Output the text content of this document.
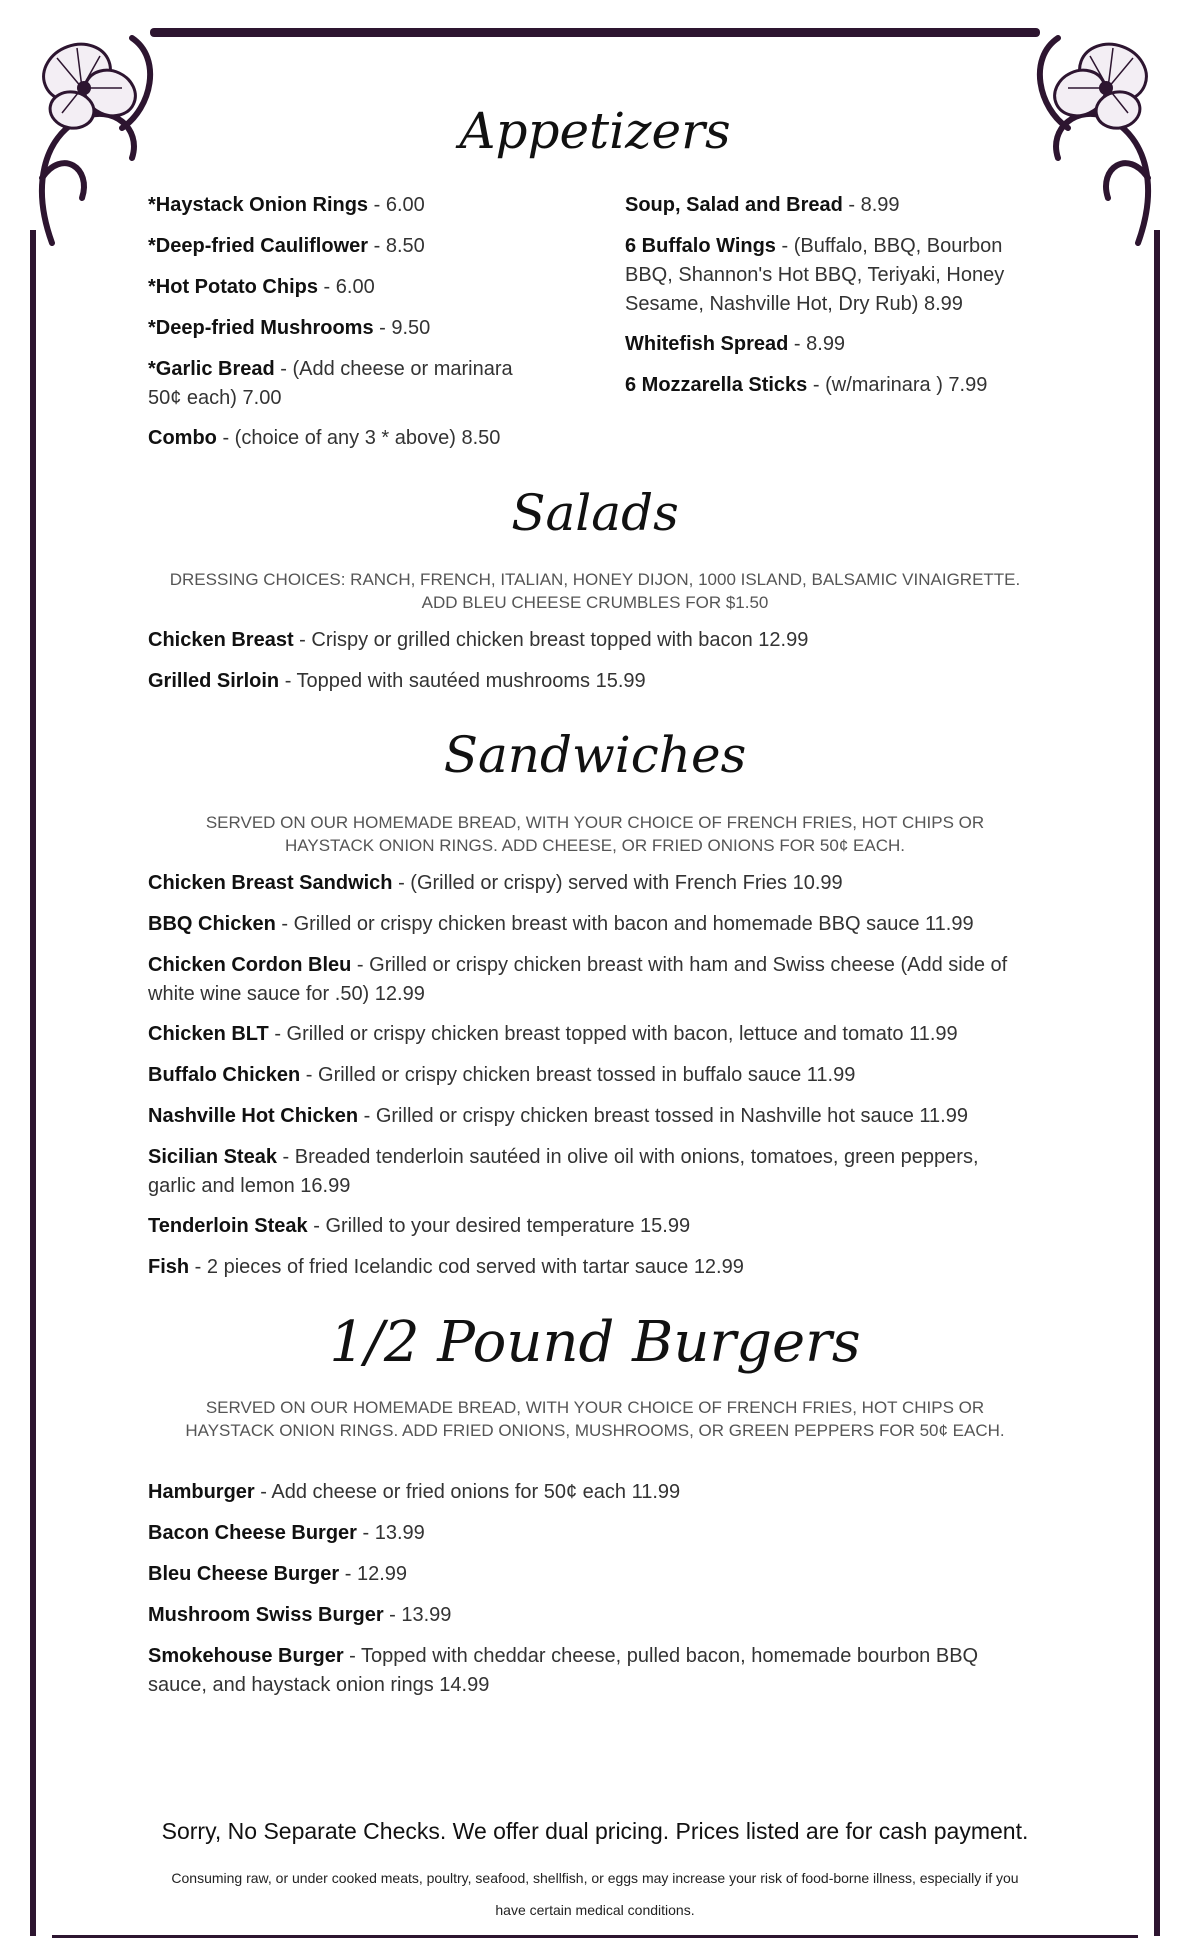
Appetizers

*Haystack Onion Rings - 6.00

*Deep-fried Cauliflower - 8.50

*Hot Potato Chips - 6.00

*Deep-fried Mushrooms - 9.50

*Garlic Bread - (Add cheese or marinara 50¢ each) 7.00

Combo - (choice of any 3 * above) 8.50

Soup, Salad and Bread - 8.99

6 Buffalo Wings - (Buffalo, BBQ, Bourbon BBQ, Shannon's Hot BBQ, Teriyaki, Honey Sesame, Nashville Hot, Dry Rub) 8.99

Whitefish Spread - 8.99

6 Mozzarella Sticks - (w/marinara ) 7.99

Salads

DRESSING CHOICES: RANCH, FRENCH, ITALIAN, HONEY DIJON, 1000 ISLAND, BALSAMIC VINAIGRETTE. ADD BLEU CHEESE CRUMBLES FOR $1.50

Chicken Breast - Crispy or grilled chicken breast topped with bacon 12.99

Grilled Sirloin - Topped with sautéed mushrooms 15.99

Sandwiches

SERVED ON OUR HOMEMADE BREAD, WITH YOUR CHOICE OF FRENCH FRIES, HOT CHIPS OR HAYSTACK ONION RINGS. ADD CHEESE, OR FRIED ONIONS FOR 50¢ EACH.

Chicken Breast Sandwich - (Grilled or crispy) served with French Fries 10.99

BBQ Chicken - Grilled or crispy chicken breast with bacon and homemade BBQ sauce 11.99

Chicken Cordon Bleu - Grilled or crispy chicken breast with ham and Swiss cheese (Add side of white wine sauce for .50) 12.99

Chicken BLT - Grilled or crispy chicken breast topped with bacon, lettuce and tomato 11.99

Buffalo Chicken - Grilled or crispy chicken breast tossed in buffalo sauce 11.99

Nashville Hot Chicken - Grilled or crispy chicken breast tossed in Nashville hot sauce 11.99

Sicilian Steak - Breaded tenderloin sautéed in olive oil with onions, tomatoes, green peppers, garlic and lemon 16.99

Tenderloin Steak - Grilled to your desired temperature 15.99

Fish - 2 pieces of fried Icelandic cod served with tartar sauce 12.99

1/2 Pound Burgers

SERVED ON OUR HOMEMADE BREAD, WITH YOUR CHOICE OF FRENCH FRIES, HOT CHIPS OR HAYSTACK ONION RINGS. ADD FRIED ONIONS, MUSHROOMS, OR GREEN PEPPERS FOR 50¢ EACH.

Hamburger - Add cheese or fried onions for 50¢ each 11.99

Bacon Cheese Burger - 13.99

Bleu Cheese Burger - 12.99

Mushroom Swiss Burger - 13.99

Smokehouse Burger - Topped with cheddar cheese, pulled bacon, homemade bourbon BBQ sauce, and haystack onion rings 14.99

Sorry, No Separate Checks. We offer dual pricing. Prices listed are for cash payment.

Consuming raw, or under cooked meats, poultry, seafood, shellfish, or eggs may increase your risk of food-borne illness, especially if you have certain medical conditions.
